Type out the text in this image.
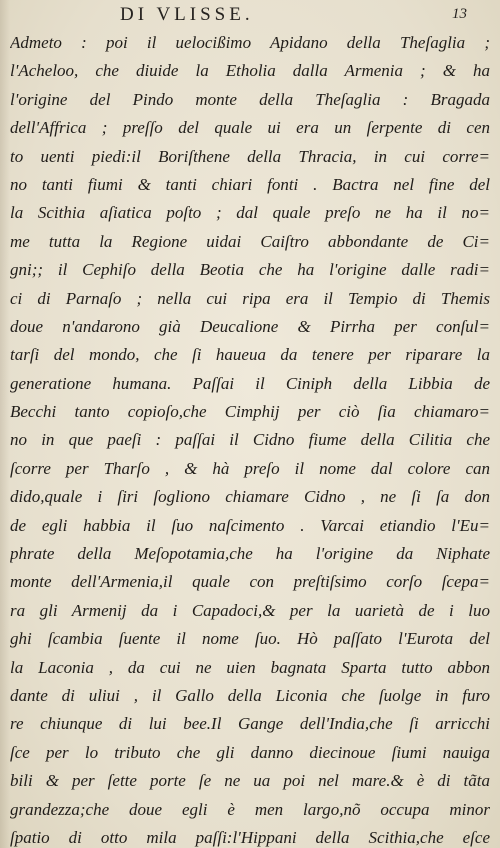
DI VLISSE.	13
Admeto : poi il uelocißimo Apidano della Theſaglia ;
l'Acheloo, che diuide la Etholia dalla Armenia ; & ha
l'origine del Pindo monte della Theſaglia : Bragada
dell'Affrica ; preſſo del quale ui era un ſerpente di cen
to uenti piedi:il Boriſthene della Thracia, in cui corre=
no tanti fiumi & tanti chiari fonti . Bactra nel fine del
la Scithia aſiatica poſto ; dal quale preſo ne ha il no=
me tutta la Regione uidai Caiſtro abbondante de Ci=
gni;; il Cephiſo della Beotia che ha l'origine dalle radi=
ci di Parnaſo ; nella cui ripa era il Tempio di Themis
doue n'andarono già Deucalione & Pirrha per conſul=
tarſi del mondo, che ſi haueua da tenere per riparare la
generatione humana. Paſſai il Ciniph della Libbia de
Becchi tanto copioſo,che Cimphij per ciò ſia chiamaro=
no in que paeſi : paſſai il Cidno fiume della Cilitia che
ſcorre per Tharſo , & hà preſo il nome dal colore can
dido,quale i ſiri ſogliono chiamare Cidno , ne ſi ſa don
de egli habbia il ſuo naſcimento . Varcai etiandio l'Eu=
phrate della Meſopotamia,che ha l'origine da Niphate
monte dell'Armenia,il quale con preſtiſsimo corſo ſcepa=
ra gli Armenij da i Capadoci,& per la uarietà de i luo
ghi ſcambia ſuente il nome ſuo. Hò paſſato l'Eurota del
la Laconia , da cui ne uien bagnata Sparta tutto abbon
dante di uliui , il Gallo della Liconia che ſuolge in furo
re chiunque di lui bee.Il Gange dell'India,che ſi arricchi
ſce per lo tributo che gli danno diecinoue ſiumi nauiga
bili & per ſette porte ſe ne ua poi nel mare.& è di tãta
grandezza;che doue egli è men largo,nõ occupa minor
ſpatio di otto mila paſſi:l'Hippani della Scithia,che eſce
